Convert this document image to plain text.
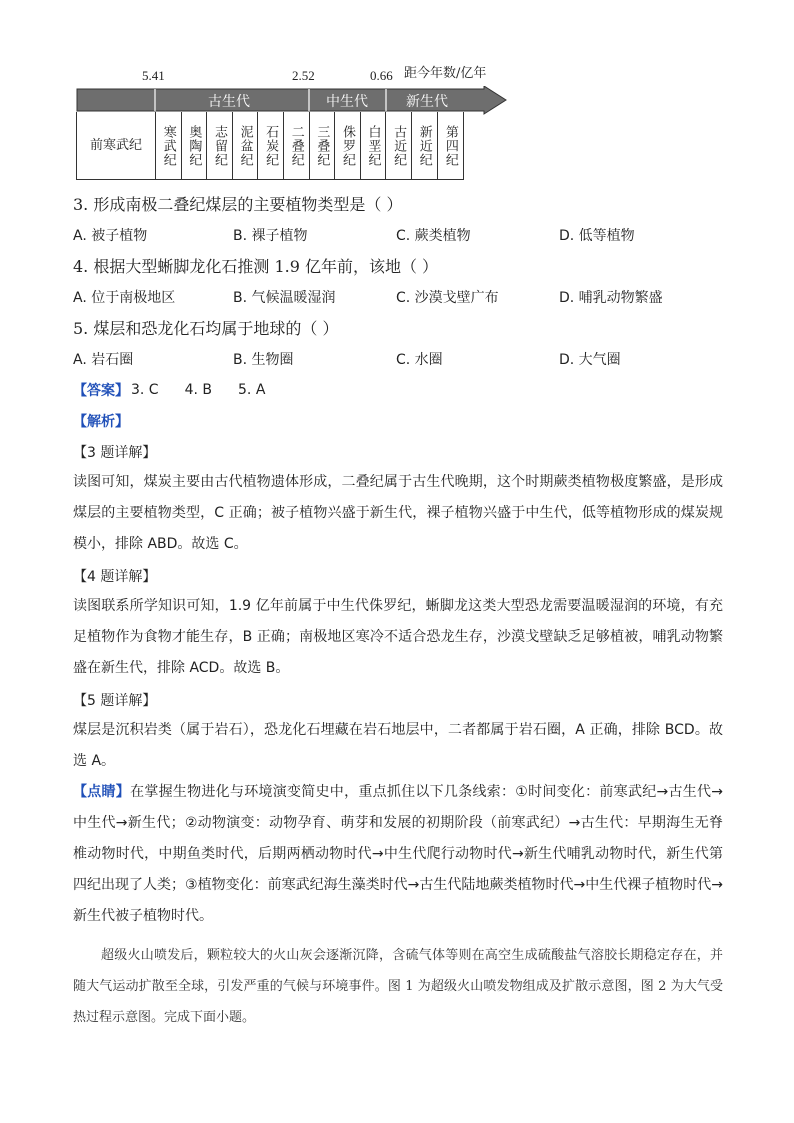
5.41	2.52	0.66 距今年数/亿年
古生代	中生代	新生代
前寒武纪	寒武纪 奥陶纪 志留纪 泥盆纪 石炭纪 二叠纪 三叠纪 侏罗纪 白垩纪 古近纪 新近纪 第四纪
3. 形成南极二叠纪煤层的主要植物类型是（ ）
A. 被子植物	B. 裸子植物	C. 蕨类植物	D. 低等植物
4. 根据大型蜥脚龙化石推测 1.9 亿年前，该地（ ）
A. 位于南极地区	B. 气候温暖湿润	C. 沙漠戈壁广布	D. 哺乳动物繁盛
5. 煤层和恐龙化石均属于地球的（ ）
A. 岩石圈	B. 生物圈	C. 水圈	D. 大气圈
【答案】 3. C 4. B 5. A
【解析】
【3 题详解】

读图可知，煤炭主要由古代植物遗体形成，二叠纪属于古生代晚期，这个时期蕨类植物极度繁盛，是形成煤层的主要植物类型，C 正确；被子植物兴盛于新生代，裸子植物兴盛于中生代，低等植物形成的煤炭规模小，排除 ABD。故选 C。

【4 题详解】

读图联系所学知识可知，1.9 亿年前属于中生代侏罗纪，蜥脚龙这类大型恐龙需要温暖湿润的环境，有充足植物作为食物才能生存，B 正确；南极地区寒冷不适合恐龙生存，沙漠戈壁缺乏足够植被，哺乳动物繁盛在新生代，排除 ACD。故选 B。

【5 题详解】

煤层是沉积岩类（属于岩石），恐龙化石埋藏在岩石地层中，二者都属于岩石圈，A 正确，排除 BCD。故选 A。

【点睛】在掌握生物进化与环境演变简史中，重点抓住以下几条线索：①时间变化：前寒武纪→古生代→中生代→新生代；②动物演变：动物孕育、萌芽和发展的初期阶段（前寒武纪）→古生代：早期海生无脊椎动物时代，中期鱼类时代，后期两栖动物时代→中生代爬行动物时代→新生代哺乳动物时代，新生代第四纪出现了人类；③植物变化：前寒武纪海生藻类时代→古生代陆地蕨类植物时代→中生代裸子植物时代→新生代被子植物时代。

超级火山喷发后，颗粒较大的火山灰会逐渐沉降，含硫气体等则在高空生成硫酸盐气溶胶长期稳定存在，并随大气运动扩散至全球，引发严重的气候与环境事件。图 1 为超级火山喷发物组成及扩散示意图，图 2 为大气受热过程示意图。完成下面小题。
